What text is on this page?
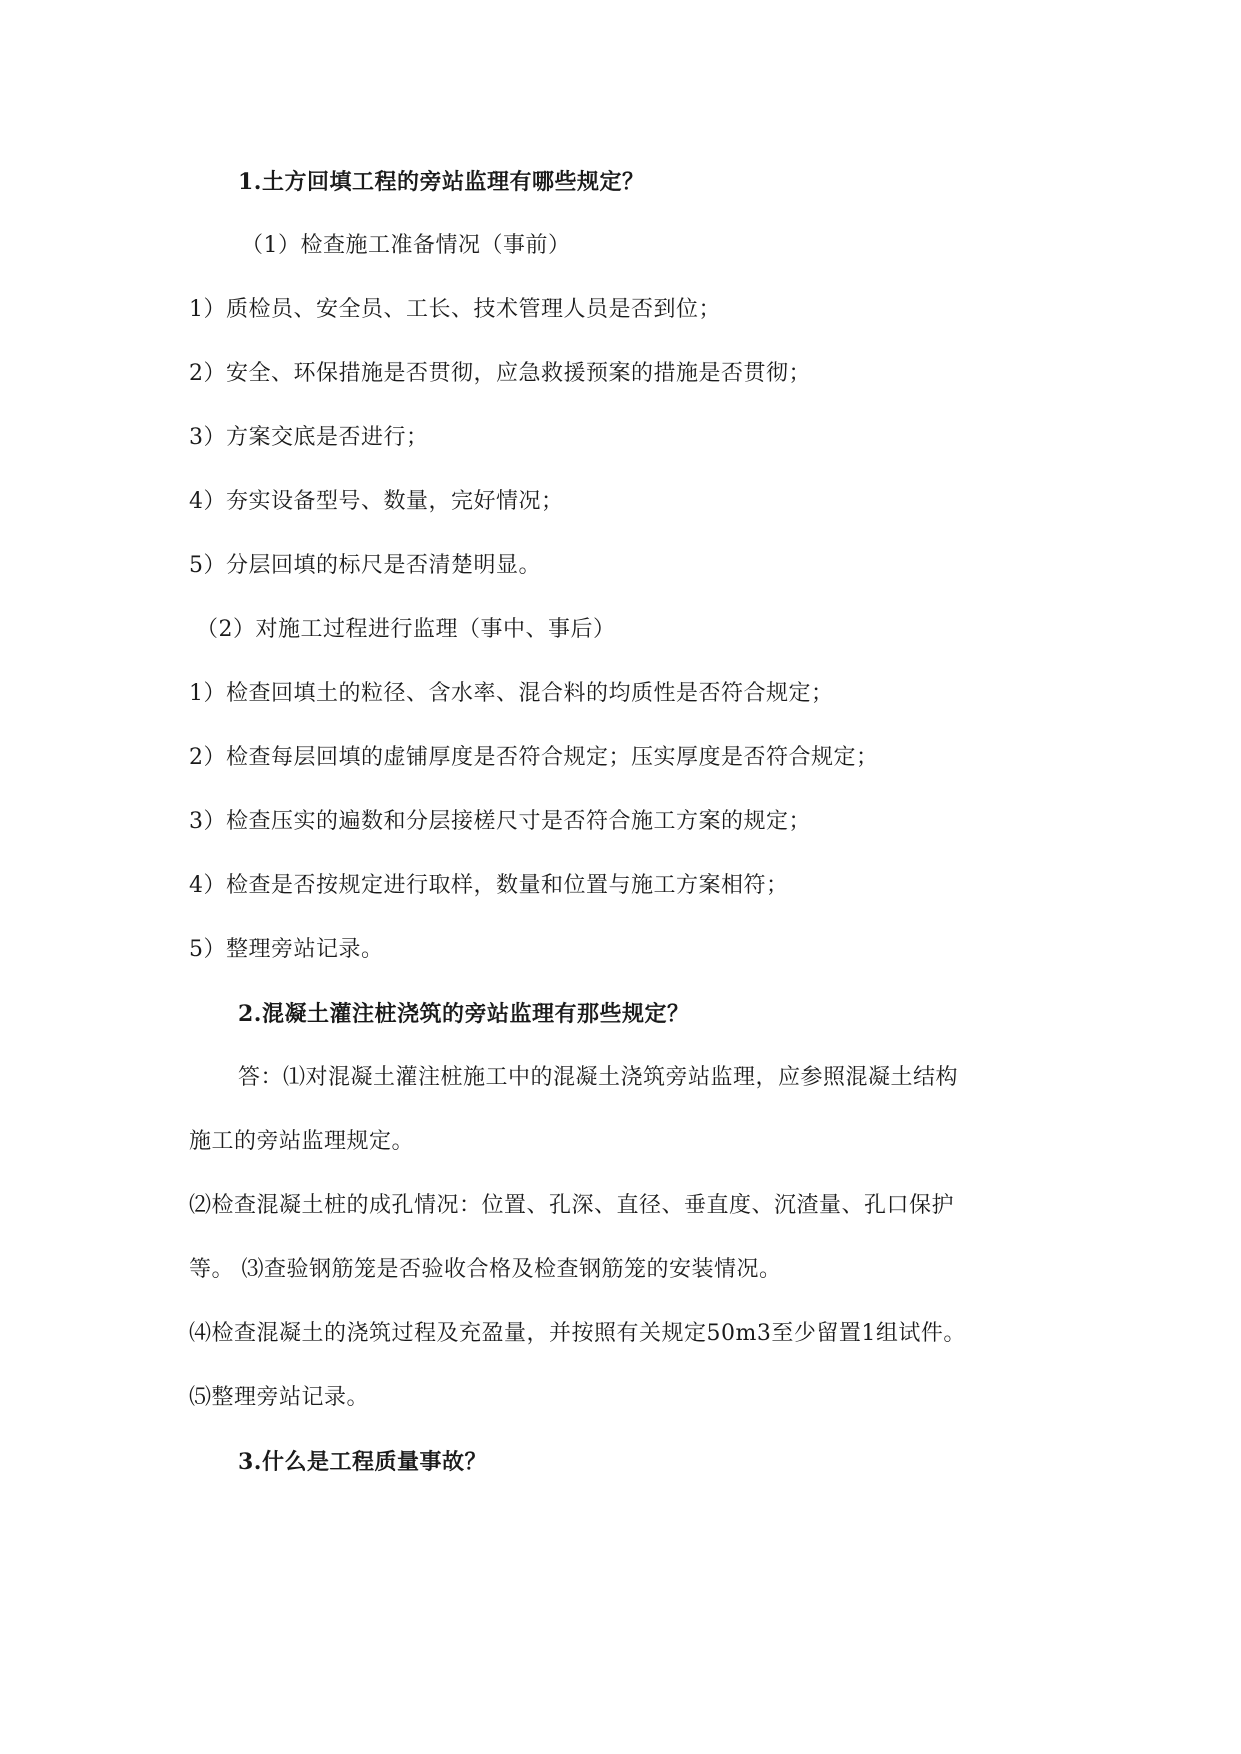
1.土方回填工程的旁站监理有哪些规定？
（1）检查施工准备情况（事前）
1）质检员、安全员、工长、技术管理人员是否到位；
2）安全、环保措施是否贯彻，应急救援预案的措施是否贯彻；
3）方案交底是否进行；
4）夯实设备型号、数量，完好情况；
5）分层回填的标尺是否清楚明显。
（2）对施工过程进行监理（事中、事后）
1）检查回填土的粒径、含水率、混合料的均质性是否符合规定；
2）检查每层回填的虚铺厚度是否符合规定；压实厚度是否符合规定；
3）检查压实的遍数和分层接槎尺寸是否符合施工方案的规定；
4）检查是否按规定进行取样，数量和位置与施工方案相符；
5）整理旁站记录。
2.混凝土灌注桩浇筑的旁站监理有那些规定？
答：⑴对混凝土灌注桩施工中的混凝土浇筑旁站监理，应参照混凝土结构
施工的旁站监理规定。
⑵检查混凝土桩的成孔情况：位置、孔深、直径、垂直度、沉渣量、孔口保护
等。 ⑶查验钢筋笼是否验收合格及检查钢筋笼的安装情况。
⑷检查混凝土的浇筑过程及充盈量，并按照有关规定50m3至少留置1组试件。
⑸整理旁站记录。
3.什么是工程质量事故？
